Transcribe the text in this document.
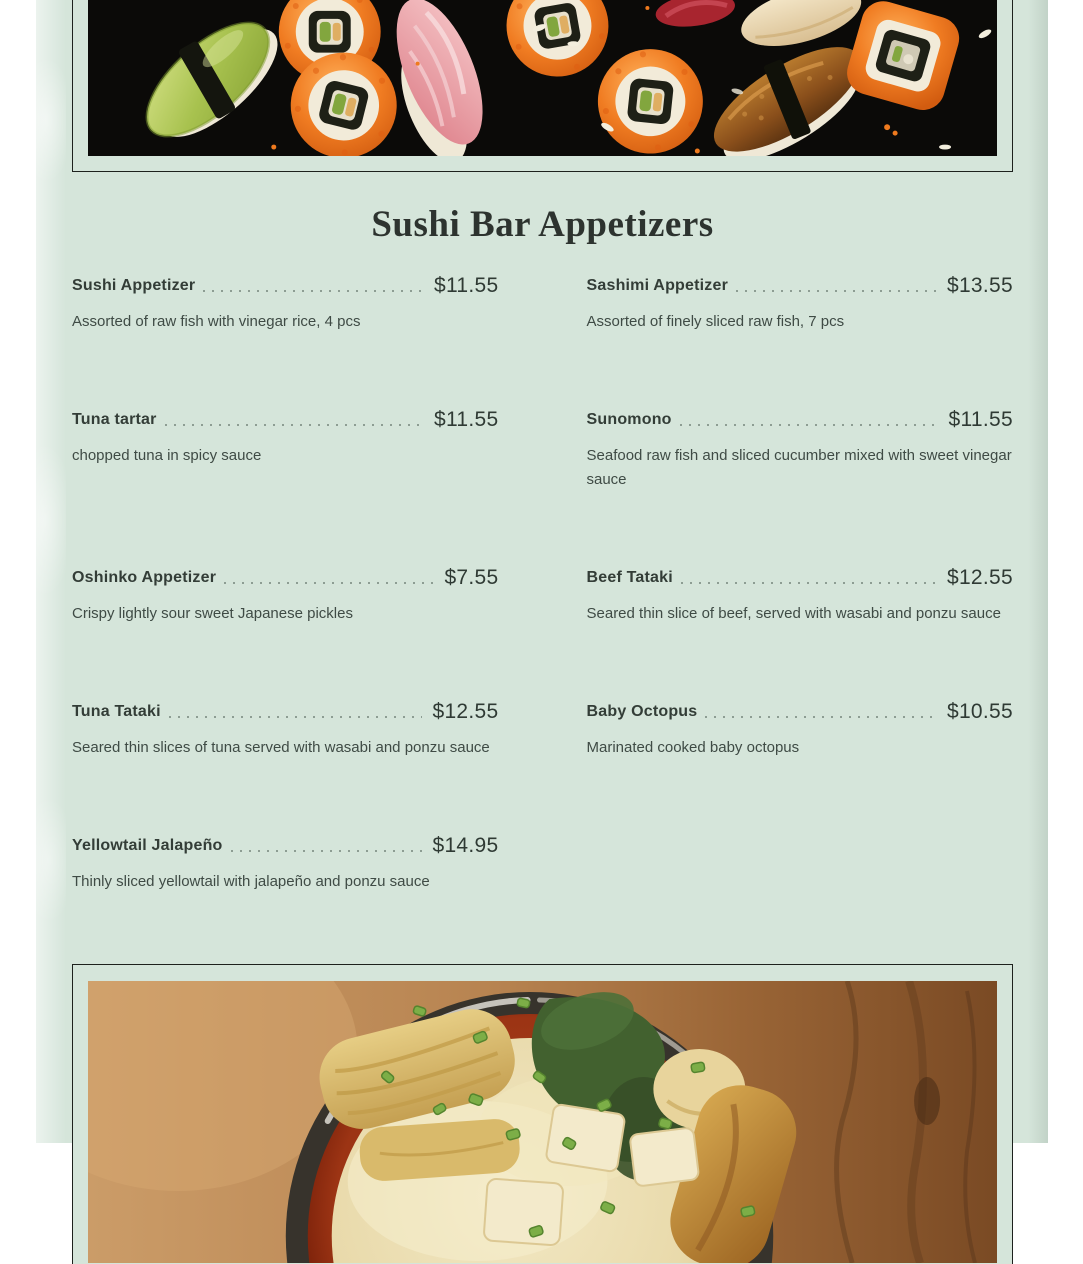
Sushi Bar Appetizers
Sushi Appetizer	$11.55

Assorted of raw fish with vinegar rice, 4 pcs

Sashimi Appetizer	$13.55

Assorted of finely sliced raw fish, 7 pcs

Tuna tartar	$11.55

chopped tuna in spicy sauce

Sunomono	$11.55

Seafood raw fish and sliced cucumber mixed with sweet vinegar sauce

Oshinko Appetizer	$7.55

Crispy lightly sour sweet Japanese pickles

Beef Tataki	$12.55

Seared thin slice of beef, served with wasabi and ponzu sauce

Tuna Tataki	$12.55

Seared thin slices of tuna served with wasabi and ponzu sauce

Baby Octopus	$10.55

Marinated cooked baby octopus

Yellowtail Jalapeño	$14.95

Thinly sliced yellowtail with jalapeño and ponzu sauce
